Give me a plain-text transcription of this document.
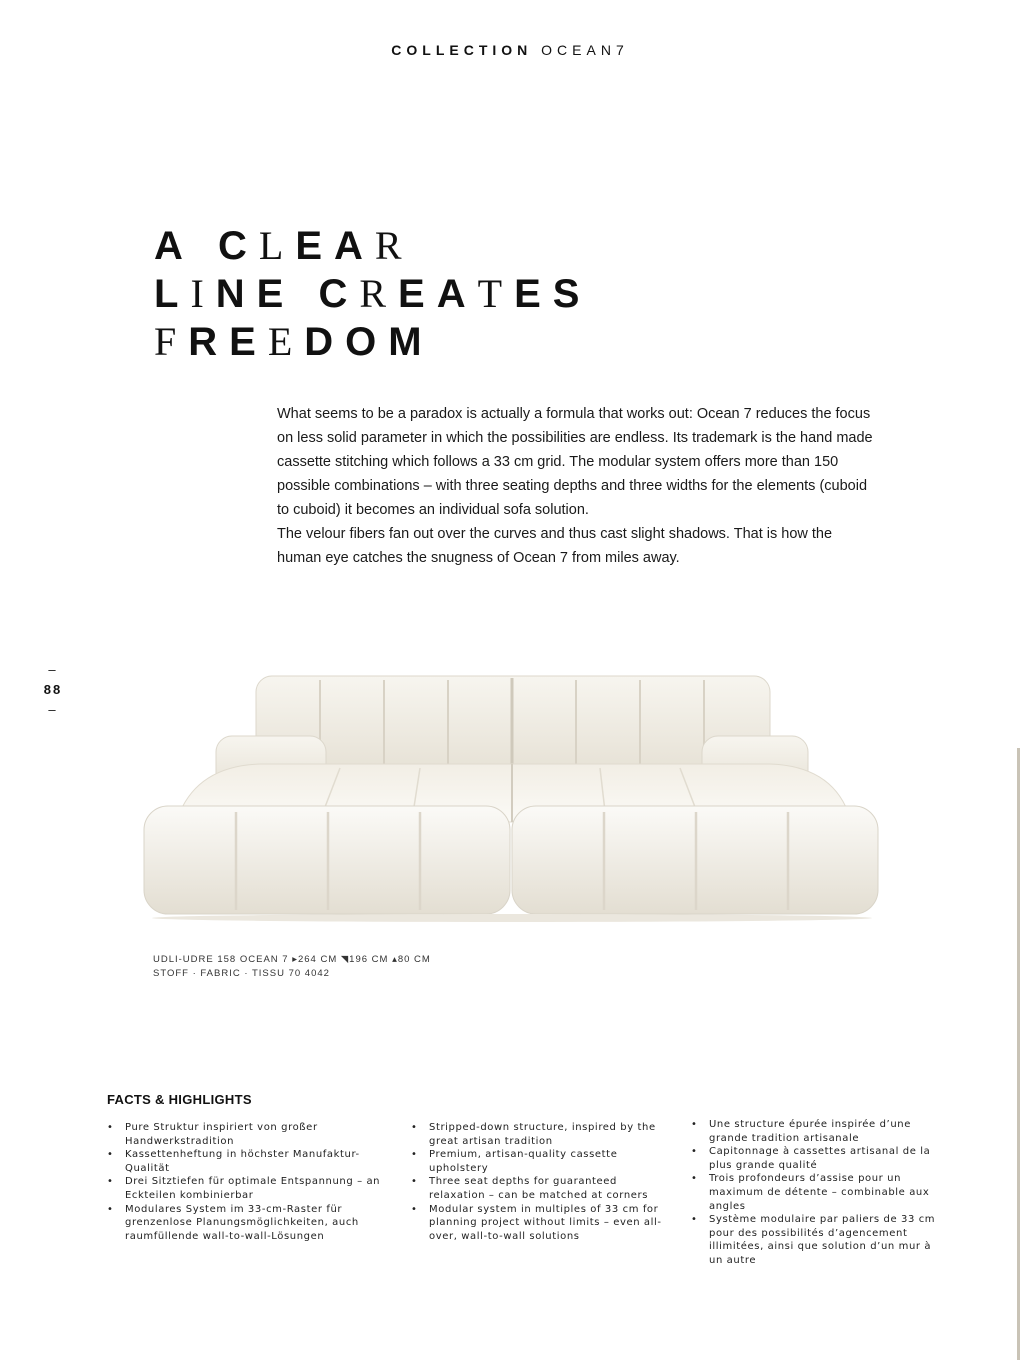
COLLECTION OCEAN7
A CLEAR
LINE CREATES
FREEDOM

What seems to be a paradox is actually a formula that works out: Ocean 7 reduces the focus on less solid parameter in which the possibilities are endless. Its trademark is the hand made cassette stitching which follows a 33 cm grid. The modular system offers more than 150 possible combinations – with three seating depths and three widths for the elements (cuboid to cuboid) it becomes an individual sofa solution.

The velour fibers fan out over the curves and thus cast slight shadows. That is how the human eye catches the snugness of Ocean 7 from miles away.

–
88
–
UDLI-UDRE 158 OCEAN 7 ▸264 CM ◥196 CM ▴80 CM
STOFF · FABRIC · TISSU 70 4042
FACTS & HIGHLIGHTS
• Pure Struktur inspiriert von großer Handwerkstradition
• Kassettenheftung in höchster Manufaktur-Qualität
• Drei Sitztiefen für optimale Entspannung – an Eckteilen kombinierbar
• Modulares System im 33-cm-Raster für grenzenlose Planungsmöglichkeiten, auch raumfüllende wall-to-wall-Lösungen
• Stripped-down structure, inspired by the great artisan tradition
• Premium, artisan-quality cassette upholstery
• Three seat depths for guaranteed relaxation – can be matched at corners
• Modular system in multiples of 33 cm for planning project without limits – even all-over, wall-to-wall solutions
• Une structure épurée inspirée d’une grande tradition artisanale
• Capitonnage à cassettes artisanal de la plus grande qualité
• Trois profondeurs d’assise pour un maximum de détente – combinable aux angles
• Système modulaire par paliers de 33 cm pour des possibilités d’agencement illimitées, ainsi que solution d’un mur à un autre
